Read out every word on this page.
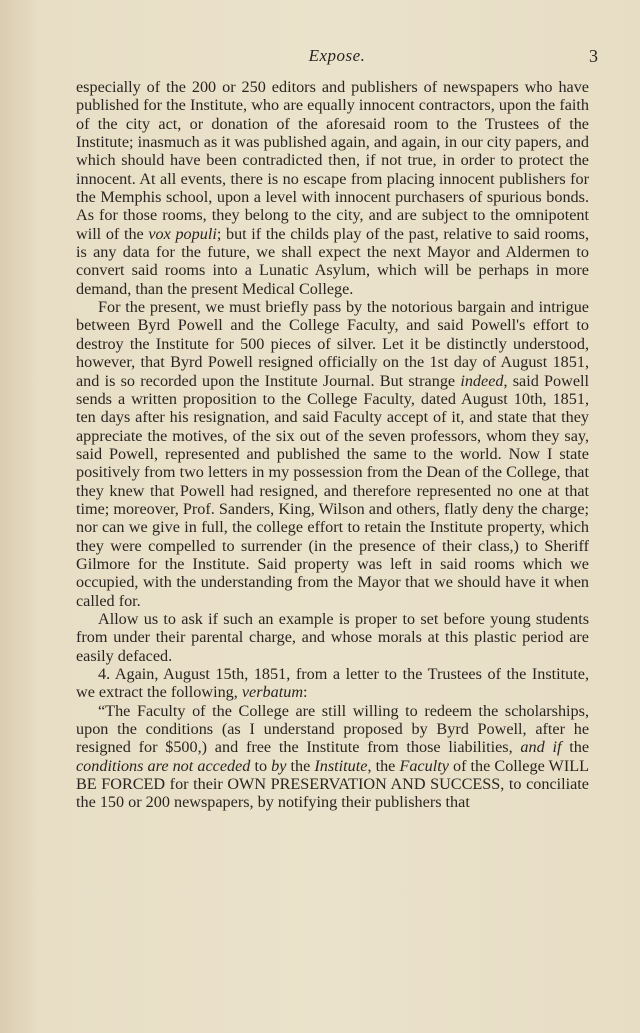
Expose.	3

especially of the 200 or 250 editors and publishers of newspapers who have published for the Institute, who are equally innocent contractors, upon the faith of the city act, or donation of the aforesaid room to the Trustees of the Institute; inasmuch as it was published again, and again, in our city papers, and which should have been contradicted then, if not true, in order to protect the innocent. At all events, there is no escape from placing innocent publishers for the Memphis school, upon a level with innocent purchasers of spurious bonds. As for those rooms, they belong to the city, and are subject to the omnipotent will of the vox populi; but if the childs play of the past, relative to said rooms, is any data for the future, we shall expect the next Mayor and Aldermen to convert said rooms into a Lunatic Asylum, which will be perhaps in more demand, than the present Medical College.

For the present, we must briefly pass by the notorious bargain and intrigue between Byrd Powell and the College Faculty, and said Powell's effort to destroy the Institute for 500 pieces of silver. Let it be distinctly understood, however, that Byrd Powell resigned officially on the 1st day of August 1851, and is so recorded upon the Institute Journal. But strange indeed, said Powell sends a written proposition to the College Faculty, dated August 10th, 1851, ten days after his resignation, and said Faculty accept of it, and state that they appreciate the motives, of the six out of the seven professors, whom they say, said Powell, represented and published the same to the world. Now I state positively from two letters in my possession from the Dean of the College, that they knew that Powell had resigned, and therefore represented no one at that time; moreover, Prof. Sanders, King, Wilson and others, flatly deny the charge; nor can we give in full, the college effort to retain the Institute property, which they were compelled to surrender (in the presence of their class,) to Sheriff Gilmore for the Institute. Said property was left in said rooms which we occupied, with the understanding from the Mayor that we should have it when called for.

Allow us to ask if such an example is proper to set before young students from under their parental charge, and whose morals at this plastic period are easily defaced.

4. Again, August 15th, 1851, from a letter to the Trustees of the Institute, we extract the following, verbatum:

“The Faculty of the College are still willing to redeem the scholarships, upon the conditions (as I understand proposed by Byrd Powell, after he resigned for $500,) and free the Institute from those liabilities, and if the conditions are not acceded to by the Institute, the Faculty of the College WILL BE FORCED for their OWN PRESERVATION AND SUCCESS, to conciliate the 150 or 200 newspapers, by notifying their publishers that
